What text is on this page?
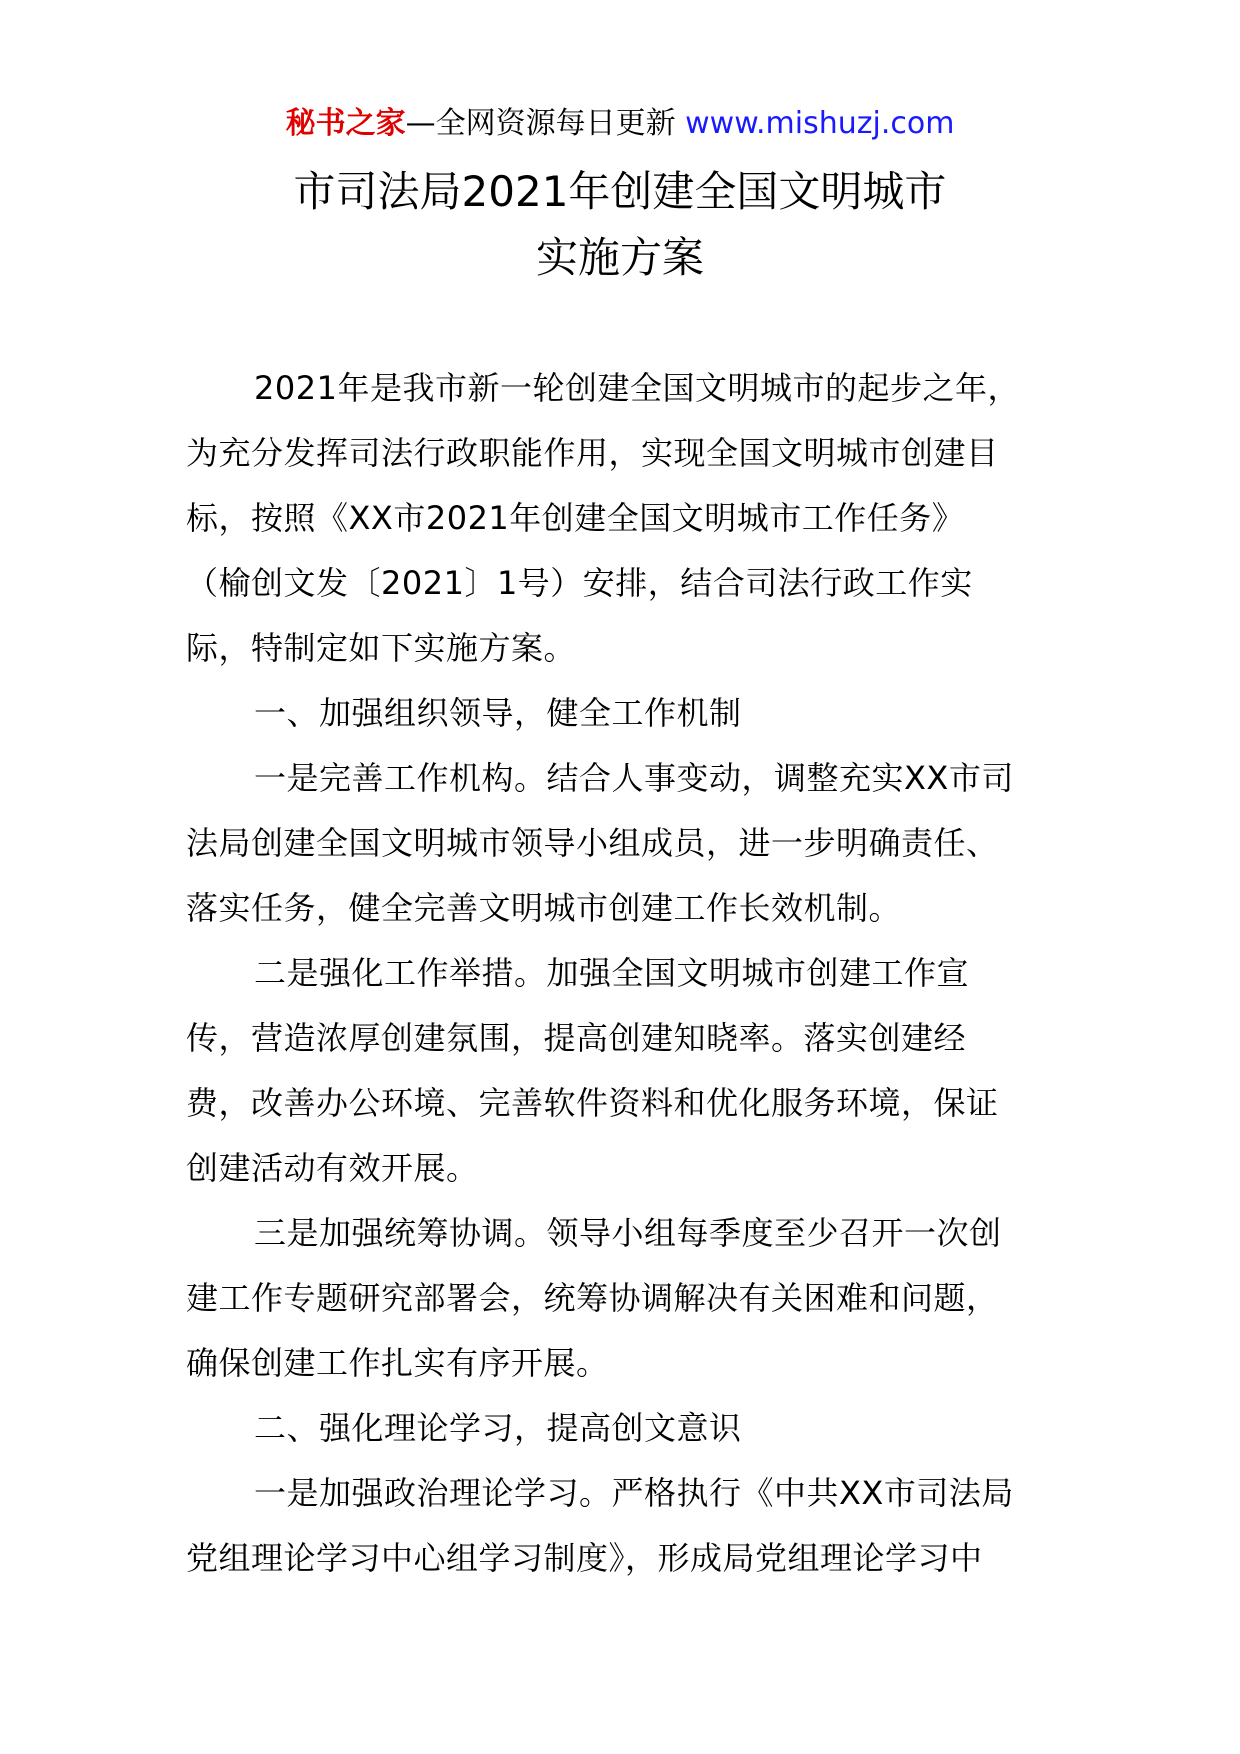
秘书之家—全网资源每日更新 www.mishuzj.com
市司法局2021年创建全国文明城市
实施方案
2021年是我市新一轮创建全国文明城市的起步之年，
为充分发挥司法行政职能作用，实现全国文明城市创建目
标，按照《XX市2021年创建全国文明城市工作任务》
（榆创文发〔2021〕1号）安排，结合司法行政工作实
际，特制定如下实施方案。
一、加强组织领导，健全工作机制
一是完善工作机构。结合人事变动，调整充实XX市司
法局创建全国文明城市领导小组成员，进一步明确责任、
落实任务，健全完善文明城市创建工作长效机制。
二是强化工作举措。加强全国文明城市创建工作宣
传，营造浓厚创建氛围，提高创建知晓率。落实创建经
费，改善办公环境、完善软件资料和优化服务环境，保证
创建活动有效开展。
三是加强统筹协调。领导小组每季度至少召开一次创
建工作专题研究部署会，统筹协调解决有关困难和问题，
确保创建工作扎实有序开展。
二、强化理论学习，提高创文意识
一是加强政治理论学习。严格执行《中共XX市司法局
党组理论学习中心组学习制度》，形成局党组理论学习中
